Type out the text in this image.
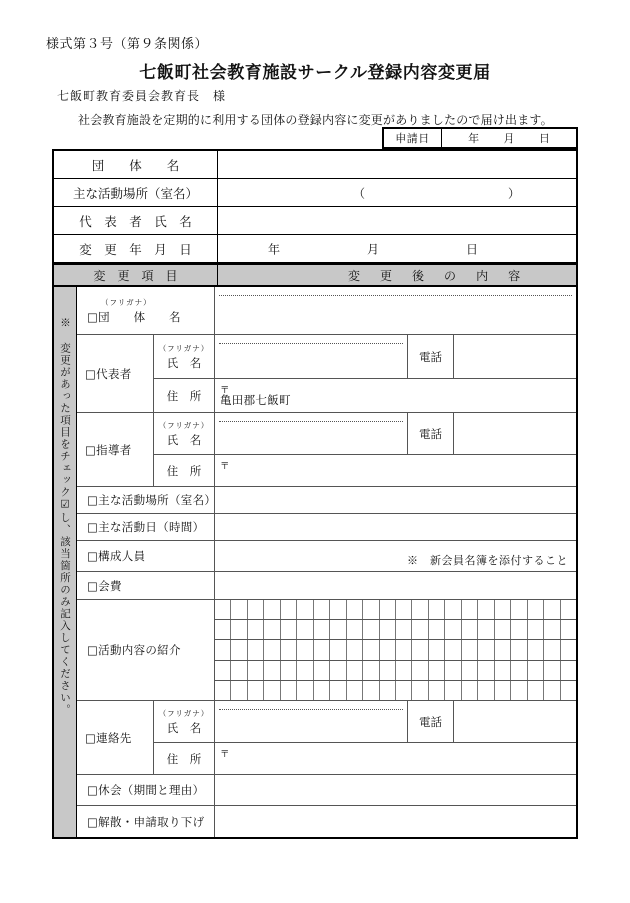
様式第３号（第９条関係）
七飯町社会教育施設サークル登録内容変更届
七飯町教育委員会教育長　様
社会教育施設を定期的に利用する団体の登録内容に変更がありましたので届け出ます。
申請日	年 月 日
団　　体　　名
主な活動場所（室名）	（	）
代　表　者　氏　名
変　更　年　月　日	年	月	日
変　更　項　目	変	更	後	の	内	容
※ 変更があった項目をチェック☑し、該当箇所のみ記入してください。
（フリガナ）
□団　　体　　名
□代表者
（フリガナ）
氏　名	電話
住　所	〒
亀田郡七飯町
□指導者
（フリガナ）
氏　名	電話
住　所	〒
□主な活動場所（室名）
□主な活動日（時間）
□構成人員	※　新会員名簿を添付すること
□会費
□活動内容の紹介
□連絡先
（フリガナ）
氏　名	電話
住　所	〒
□休会（期間と理由）
□解散・申請取り下げ
